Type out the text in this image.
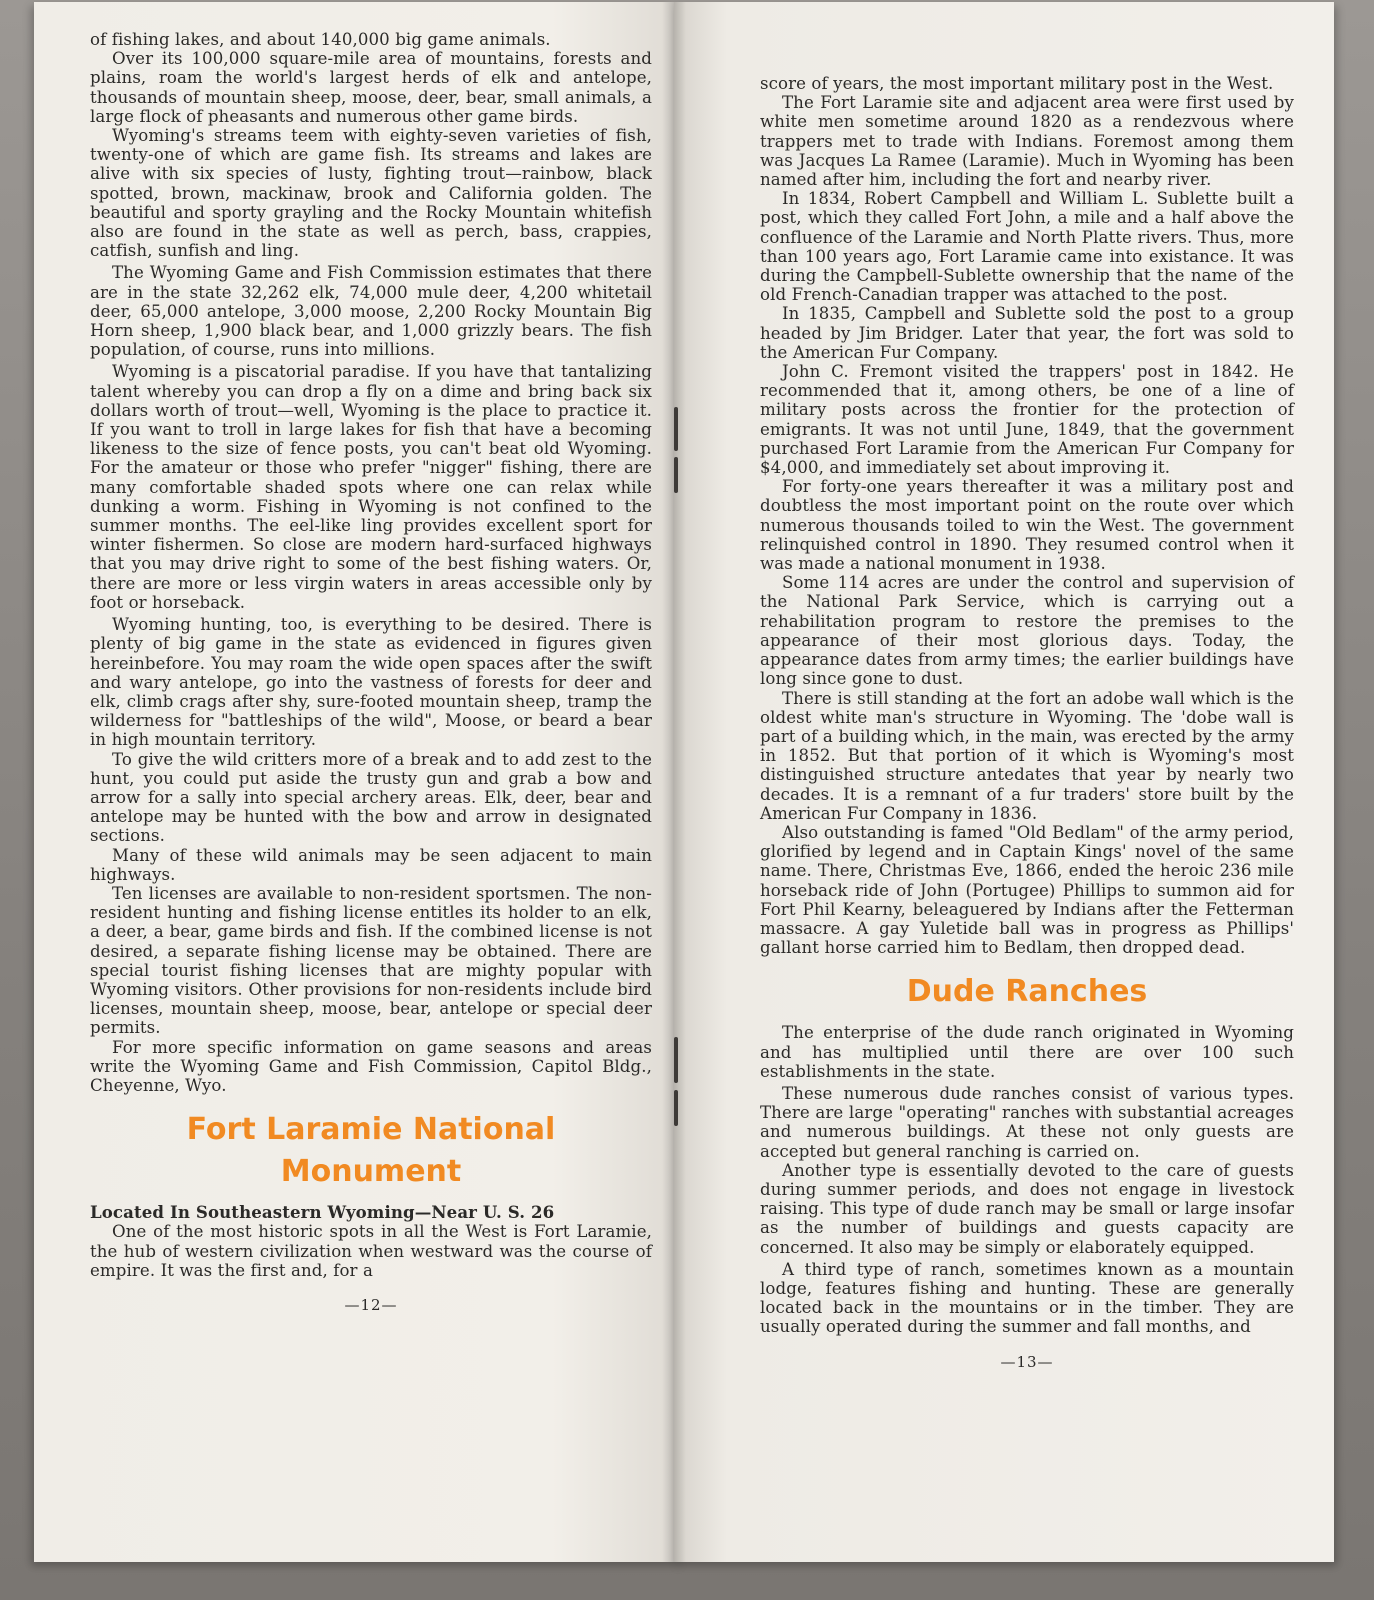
of fishing lakes, and about 140,000 big game animals.

Over its 100,000 square-mile area of mountains, forests and plains, roam the world's largest herds of elk and antelope, thousands of mountain sheep, moose, deer, bear, small animals, a large flock of pheasants and numerous other game birds.

Wyoming's streams teem with eighty-seven varieties of fish, twenty-one of which are game fish. Its streams and lakes are alive with six species of lusty, fighting trout—rainbow, black spotted, brown, mackinaw, brook and California golden. The beautiful and sporty grayling and the Rocky Mountain whitefish also are found in the state as well as perch, bass, crappies, catfish, sunfish and ling.

The Wyoming Game and Fish Commission estimates that there are in the state 32,262 elk, 74,000 mule deer, 4,200 whitetail deer, 65,000 antelope, 3,000 moose, 2,200 Rocky Mountain Big Horn sheep, 1,900 black bear, and 1,000 grizzly bears. The fish population, of course, runs into millions.

Wyoming is a piscatorial paradise. If you have that tantalizing talent whereby you can drop a fly on a dime and bring back six dollars worth of trout—well, Wyoming is the place to practice it. If you want to troll in large lakes for fish that have a becoming likeness to the size of fence posts, you can't beat old Wyoming. For the amateur or those who prefer "nigger" fishing, there are many comfortable shaded spots where one can relax while dunking a worm. Fishing in Wyoming is not confined to the summer months. The eel-like ling provides excellent sport for winter fishermen. So close are modern hard-surfaced highways that you may drive right to some of the best fishing waters. Or, there are more or less virgin waters in areas accessible only by foot or horseback.

Wyoming hunting, too, is everything to be desired. There is plenty of big game in the state as evidenced in figures given hereinbefore. You may roam the wide open spaces after the swift and wary antelope, go into the vastness of forests for deer and elk, climb crags after shy, sure-footed mountain sheep, tramp the wilderness for "battleships of the wild", Moose, or beard a bear in high mountain territory.

To give the wild critters more of a break and to add zest to the hunt, you could put aside the trusty gun and grab a bow and arrow for a sally into special archery areas. Elk, deer, bear and antelope may be hunted with the bow and arrow in designated sections.

Many of these wild animals may be seen adjacent to main highways.

Ten licenses are available to non-resident sportsmen. The non-resident hunting and fishing license entitles its holder to an elk, a deer, a bear, game birds and fish. If the combined license is not desired, a separate fishing license may be obtained. There are special tourist fishing licenses that are mighty popular with Wyoming visitors. Other provisions for non-residents include bird licenses, mountain sheep, moose, bear, antelope or special deer permits.

For more specific information on game seasons and areas write the Wyoming Game and Fish Commission, Capitol Bldg., Cheyenne, Wyo.

Fort Laramie National
Monument

Located In Southeastern Wyoming—Near U. S. 26

One of the most historic spots in all the West is Fort Laramie, the hub of western civilization when westward was the course of empire. It was the first and, for a

—12—

score of years, the most important military post in the West.

The Fort Laramie site and adjacent area were first used by white men sometime around 1820 as a rendezvous where trappers met to trade with Indians. Foremost among them was Jacques La Ramee (Laramie). Much in Wyoming has been named after him, including the fort and nearby river.

In 1834, Robert Campbell and William L. Sublette built a post, which they called Fort John, a mile and a half above the confluence of the Laramie and North Platte rivers. Thus, more than 100 years ago, Fort Laramie came into existance. It was during the Campbell-Sublette ownership that the name of the old French-Canadian trapper was attached to the post.

In 1835, Campbell and Sublette sold the post to a group headed by Jim Bridger. Later that year, the fort was sold to the American Fur Company.

John C. Fremont visited the trappers' post in 1842. He recommended that it, among others, be one of a line of military posts across the frontier for the protection of emigrants. It was not until June, 1849, that the government purchased Fort Laramie from the American Fur Company for $4,000, and immediately set about improving it.

For forty-one years thereafter it was a military post and doubtless the most important point on the route over which numerous thousands toiled to win the West. The government relinquished control in 1890. They resumed control when it was made a national monument in 1938.

Some 114 acres are under the control and supervision of the National Park Service, which is carrying out a rehabilitation program to restore the premises to the appearance of their most glorious days. Today, the appearance dates from army times; the earlier buildings have long since gone to dust.

There is still standing at the fort an adobe wall which is the oldest white man's structure in Wyoming. The 'dobe wall is part of a building which, in the main, was erected by the army in 1852. But that portion of it which is Wyoming's most distinguished structure antedates that year by nearly two decades. It is a remnant of a fur traders' store built by the American Fur Company in 1836.

Also outstanding is famed "Old Bedlam" of the army period, glorified by legend and in Captain Kings' novel of the same name. There, Christmas Eve, 1866, ended the heroic 236 mile horseback ride of John (Portugee) Phillips to summon aid for Fort Phil Kearny, beleaguered by Indians after the Fetterman massacre. A gay Yuletide ball was in progress as Phillips' gallant horse carried him to Bedlam, then dropped dead.

Dude Ranches

The enterprise of the dude ranch originated in Wyoming and has multiplied until there are over 100 such establishments in the state.

These numerous dude ranches consist of various types. There are large "operating" ranches with substantial acreages and numerous buildings. At these not only guests are accepted but general ranching is carried on.

Another type is essentially devoted to the care of guests during summer periods, and does not engage in livestock raising. This type of dude ranch may be small or large insofar as the number of buildings and guests capacity are concerned. It also may be simply or elaborately equipped.

A third type of ranch, sometimes known as a mountain lodge, features fishing and hunting. These are generally located back in the mountains or in the timber. They are usually operated during the summer and fall months, and

—13—
